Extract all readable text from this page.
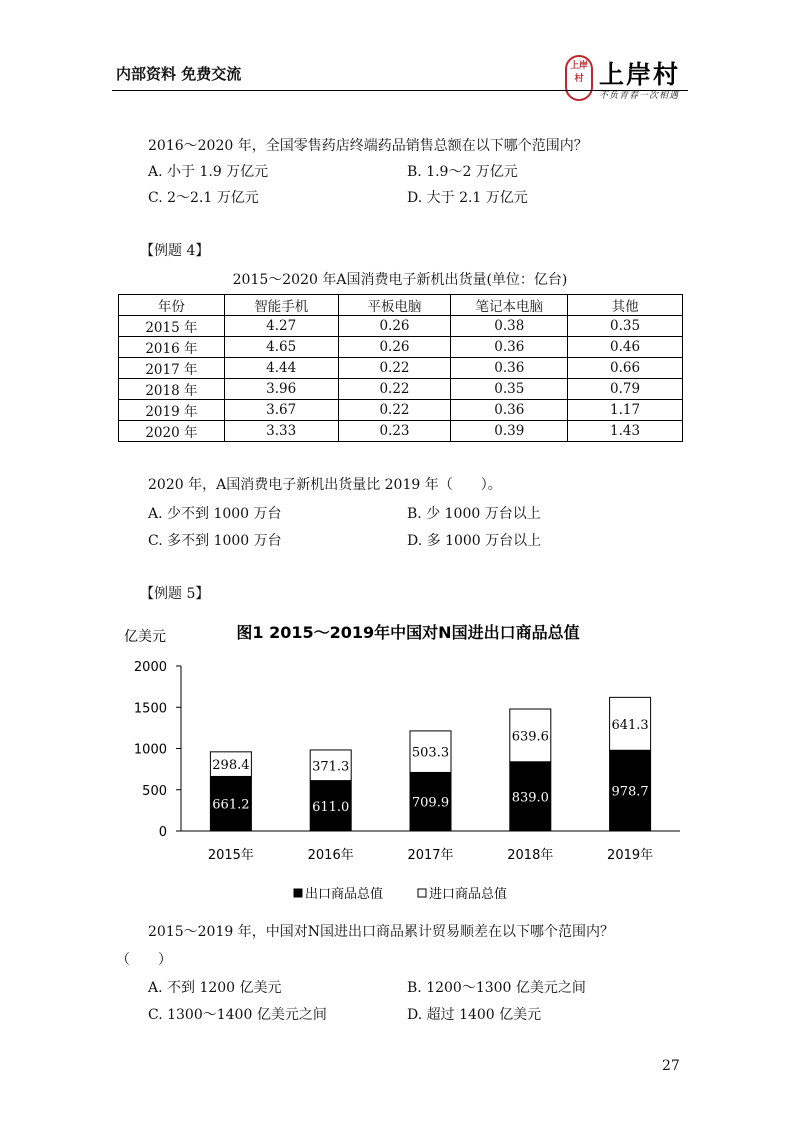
内部资料 免费交流	上岸村 上岸村
不负青春一次相遇
2016～2020 年，全国零售药店终端药品销售总额在以下哪个范围内？
A. 小于 1.9 万亿元	B. 1.9～2 万亿元
C. 2～2.1 万亿元	D. 大于 2.1 万亿元
【例题 4】
2015～2020 年A国消费电子新机出货量(单位：亿台)
年份	智能手机	平板电脑	笔记本电脑	其他
2015 年	4.27	0.26	0.38	0.35
2016 年	4.65	0.26	0.36	0.46
2017 年	4.44	0.22	0.36	0.66
2018 年	3.96	0.22	0.35	0.79
2019 年	3.67	0.22	0.36	1.17
2020 年	3.33	0.23	0.39	1.43
2020 年，A国消费电子新机出货量比 2019 年（　　）。
A. 少不到 1000 万台	B. 少 1000 万台以上
C. 多不到 1000 万台	D. 多 1000 万台以上
【例题 5】
图1 2015～2019年中国对N国进出口商品总值
亿美元
0
500
1000
1500
2000
661.2
298.4
2015年
611.0
371.3
2016年
709.9
503.3
2017年
839.0
639.6
2018年
978.7
641.3
2019年
出口商品总值	进口商品总值
2015～2019 年，中国对N国进出口商品累计贸易顺差在以下哪个范围内？
（　　）
A. 不到 1200 亿美元	B. 1200～1300 亿美元之间
C. 1300～1400 亿美元之间	D. 超过 1400 亿美元
27
